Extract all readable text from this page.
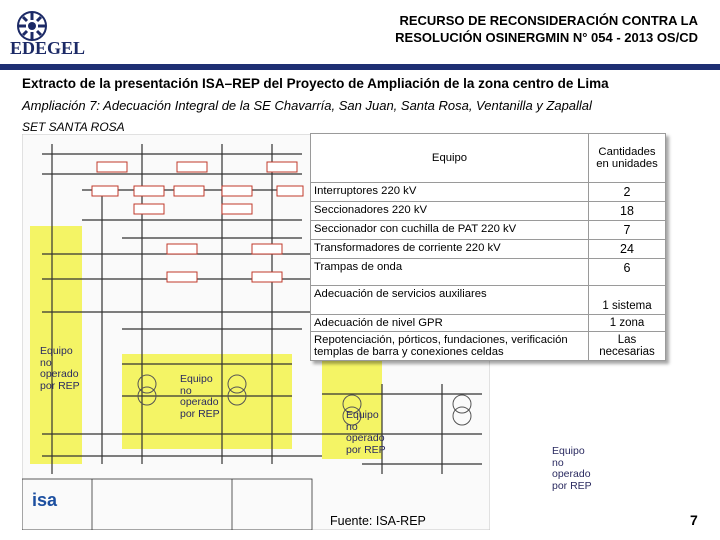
EDEGEL
RECURSO DE RECONSIDERACIÓN CONTRA LA
RESOLUCIÓN OSINERGMIN N° 054 - 2013 OS/CD
Extracto de la presentación ISA–REP del Proyecto de Ampliación de la zona centro de Lima
Ampliación 7: Adecuación Integral de la SE Chavarría, San Juan, Santa Rosa, Ventanilla y Zapallal
SET SANTA ROSA
isa
Equipo
no
operado
por REP
Equipo
no
operado
por REP	Equipo
no
operado
por REP	Equipo
no
operado
por REP
Equipo	Cantidades en unidades
Interruptores 220 kV	2
Seccionadores 220 kV	18
Seccionador con cuchilla de PAT 220 kV	7
Transformadores de corriente 220 kV	24
Trampas de onda	6
Adecuación de servicios auxiliares	1 sistema
Adecuación de nivel GPR	1 zona
Repotenciación, pórticos, fundaciones, verificación templas de barra y conexiones celdas	Las necesarias
Fuente: ISA-REP	7
